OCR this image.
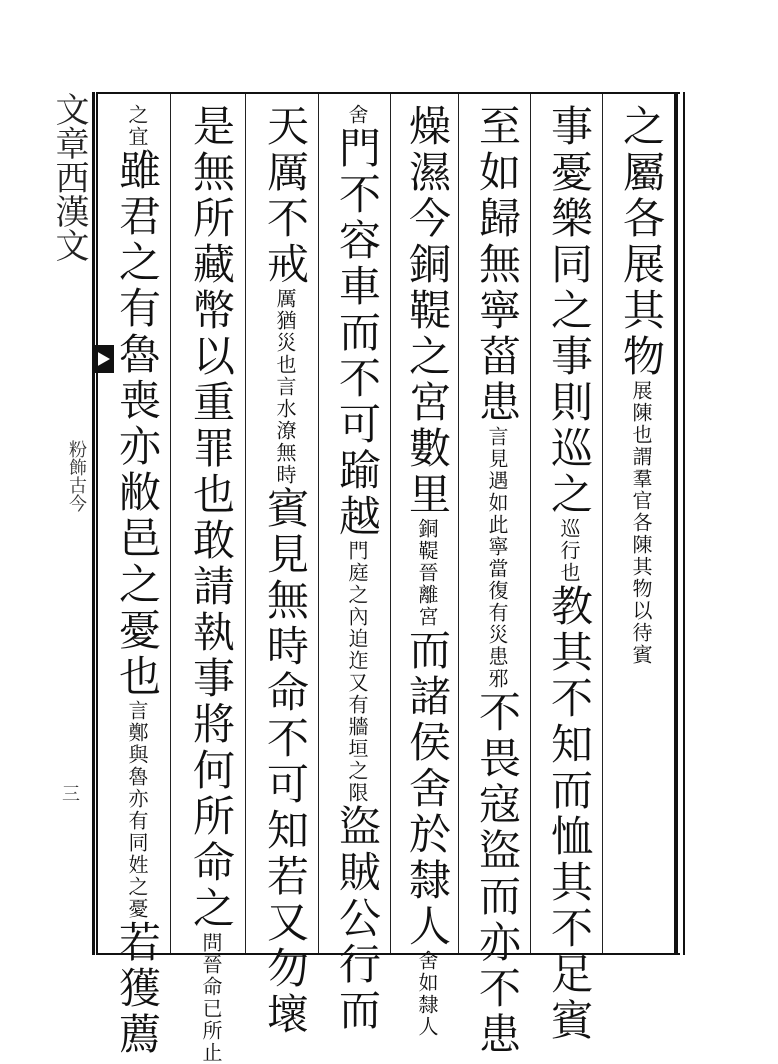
文章西漢文
粉飾古今
三
之屬各展其物展陳也謂羣官各陳其物以待賓
事憂樂同之事則巡之巡行也教其不知而恤其不足賓
至如歸無寧菑患言見遇如此寧當復有災患邪不畏寇盜而亦不患
燥濕今銅鞮之宮數里銅鞮晉離宮而諸侯舍於隸人舍如隸人
舍門不容車而不可踰越門庭之內迫迮又有牆垣之限盜賊公行而
天厲不戒厲猶災也言水潦無時賓見無時命不可知若又勿壞
是無所藏幣以重罪也敢請執事將何所命之問晉命已所止
之宜雖君之有魯喪亦敝邑之憂也言鄭與魯亦有同姓之憂若獲薦
